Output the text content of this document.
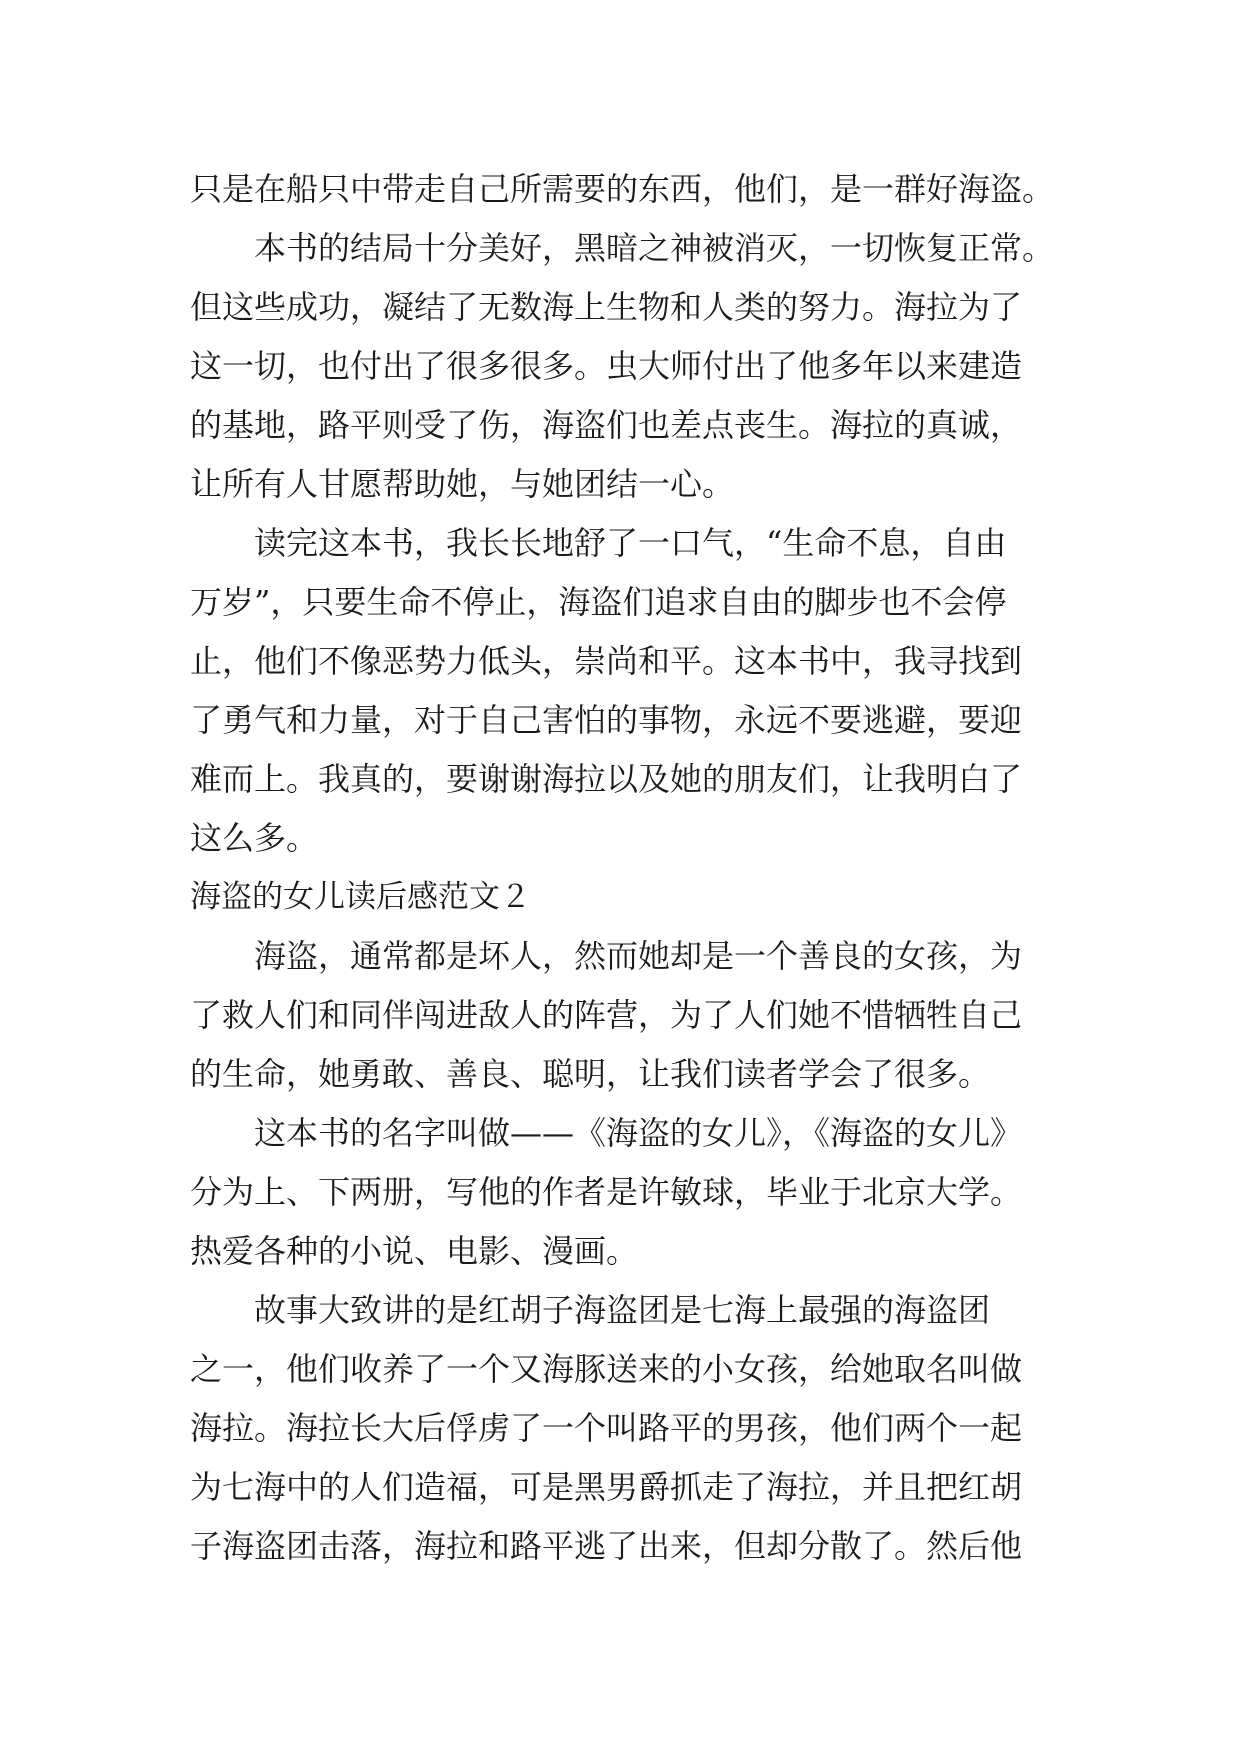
只是在船只中带走自己所需要的东西，他们，是一群好海盗。
本书的结局十分美好，黑暗之神被消灭，一切恢复正常。
但这些成功，凝结了无数海上生物和人类的努力。海拉为了
这一切，也付出了很多很多。虫大师付出了他多年以来建造
的基地，路平则受了伤，海盗们也差点丧生。海拉的真诚，
让所有人甘愿帮助她，与她团结一心。
读完这本书，我长长地舒了一口气，“生命不息，自由
万岁”，只要生命不停止，海盗们追求自由的脚步也不会停
止，他们不像恶势力低头，崇尚和平。这本书中，我寻找到
了勇气和力量，对于自己害怕的事物，永远不要逃避，要迎
难而上。我真的，要谢谢海拉以及她的朋友们，让我明白了
这么多。
海盗的女儿读后感范文２
海盗，通常都是坏人，然而她却是一个善良的女孩，为
了救人们和同伴闯进敌人的阵营，为了人们她不惜牺牲自己
的生命，她勇敢、善良、聪明，让我们读者学会了很多。
这本书的名字叫做——《海盗的女儿》，《海盗的女儿》
分为上、下两册，写他的作者是许敏球，毕业于北京大学。
热爱各种的小说、电影、漫画。
故事大致讲的是红胡子海盗团是七海上最强的海盗团
之一，他们收养了一个又海豚送来的小女孩，给她取名叫做
海拉。海拉长大后俘虏了一个叫路平的男孩，他们两个一起
为七海中的人们造福，可是黑男爵抓走了海拉，并且把红胡
子海盗团击落，海拉和路平逃了出来，但却分散了。然后他
